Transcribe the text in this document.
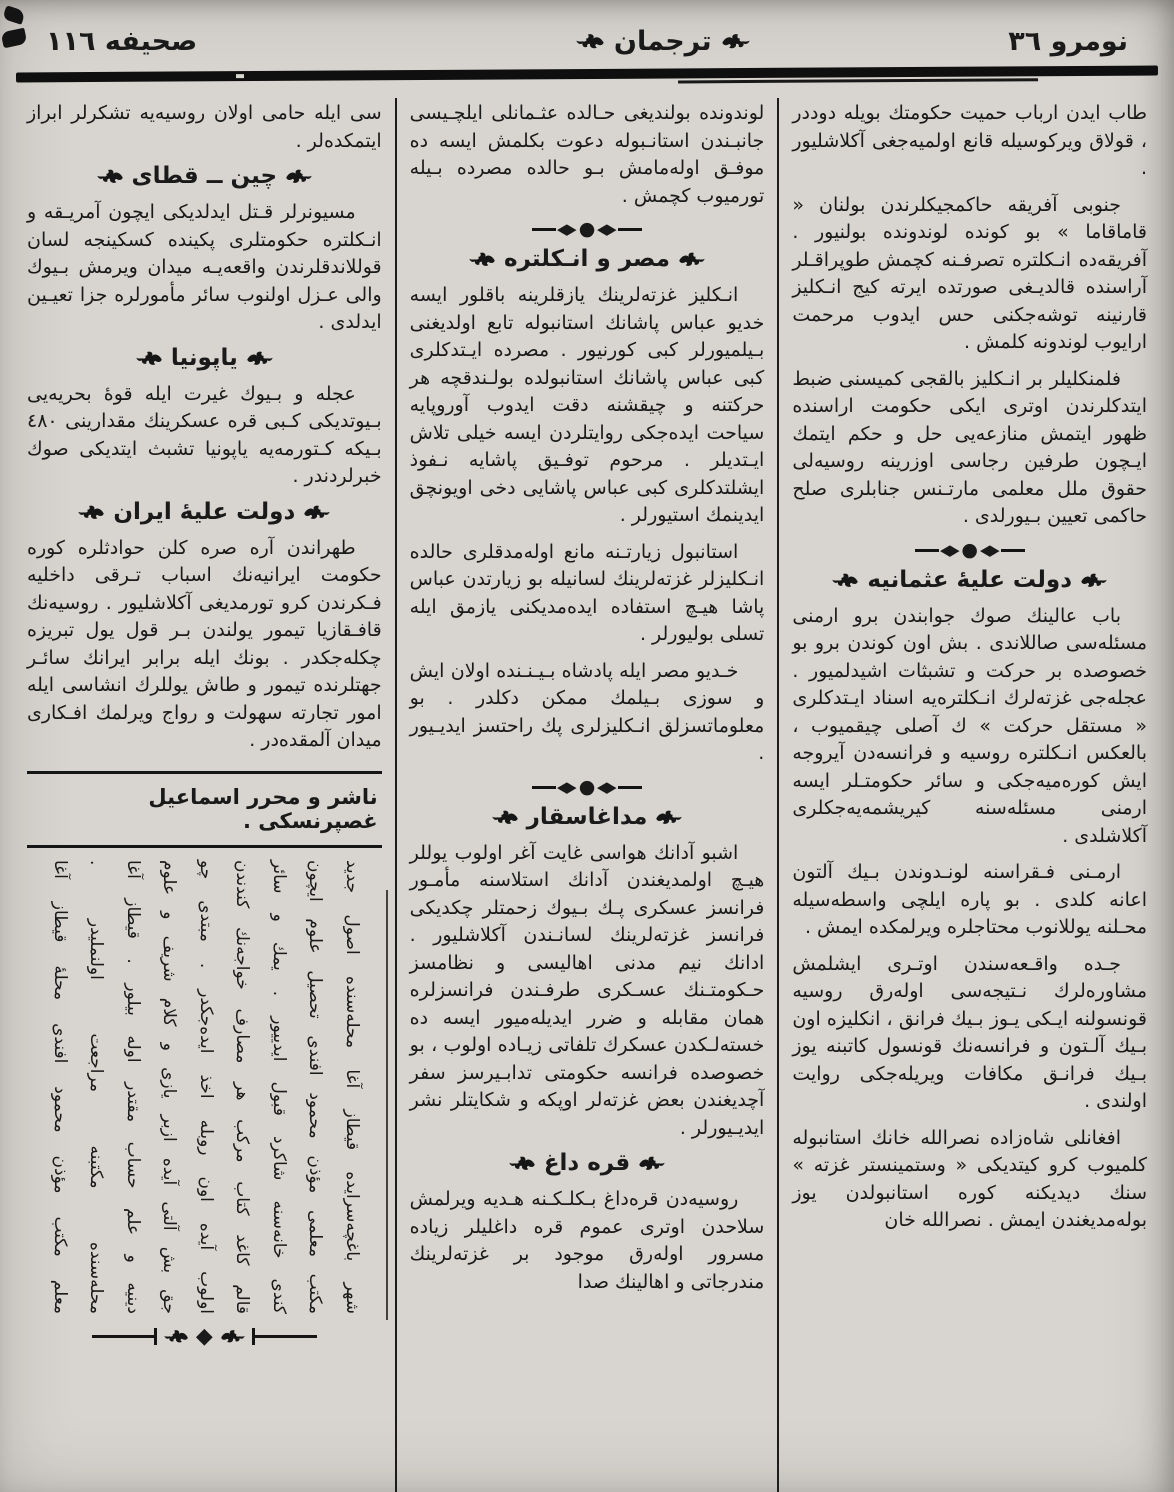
نومرو ٣٦
ترجمان
صحيفه ١١٦

طاب ايدن ارباب حميت حكومتك بويله دوددر ، قولاق ويركوسيله قانع اولميه‌جغى آكلاشليور .

جنوبى آفريقه حاكمجيكلرندن بولنان « قاماقاما » بو كونده لوندونده بولنيور . آفريقه‌ده انـكلتره تصرفـنه كچمش طوپراقـلر آراسنده قالديـغى صورتده ايرته كيج انـكليز قارنينه توشه‌جكنى حس ايدوب مرحمت ارايوب لوندونه كلمش .

فلمنكليلر بر انـكليز بالقجى كميسنى ضبط ايتدكلرندن اوترى ايكى حكومت اراسنده ظهور ايتمش منازعه‌يى حل و حكم ايتمك ايـچون طرفين رجاسى اوزرينه روسيه‌لى حقوق ملل معلمى مارتـنس جنابلرى صلح حاكمى تعيين بـيورلدى .

◆
●
◆
دولت عليهٔ عثمانيه

باب عالينك صوك جوابندن برو ارمنى مسئله‌سى صاللاندى . بش اون كوندن برو بو خصوصده بر حركت و تشبثات اشيدلميور . عجله‌جى غزته‌لرك انـكلتره‌يه اسناد ايـتدكلرى « مستقل حركت » ك آصلى چيقميوب ، بالعكس انـكلتره روسيه و فرانسه‌دن آيروجه ايش كوره‌ميه‌جكى و سائر حكومتـلر ايسه ارمنى مسئله‌سنه كيريشمه‌يه‌جكلرى آكلاشلدى .

ارمـنى فـقراسنه لونـدوندن بـيك آلتون اعانه كلدى . بو پاره ايلچى واسطه‌سيله محـلنه يوللانوب محتاجلره ويرلمكده ايمش .

جـده واقـعه‌سندن اوتـرى ايشلمش مشاوره‌لرك نـتيجه‌سى اوله‌رق روسيه قونسولنه ايـكى يـوز بـيك فرانق ، انكليزه اون بـيك آلـتون و فرانسه‌نك قونسول كاتبنه يوز بـيك فرانـق مكافات ويريله‌جكى روايت اولندى .

افغانلى شاه‌زاده نصرالله خانك استانبوله كلميوب كرو كيتديكى « وستمينستر غزته » سنك ديديكنه كوره استانبولدن يوز بوله‌مديغندن ايمش . نصرالله خان

لوندونده بولنديغى حـالده عثـمانلى ايلچـيسى جانبـندن استانـبوله دعوت بكلمش ايسه ده موفـق اوله‌مامش بـو حالده مصرده بـيله تورميوب كچمش .

◆
●
◆
مصر و انـكلتره

انـكليز غزته‌لرينك يازقلرينه باقلور ايسه خديو عباس پاشانك استانبوله تابع اولديغنى بـيلميورلر كبى كورنيور . مصرده ايـتدكلرى كبى عباس پاشانك استانبولده بولـندقچه هر حركتنه و چيقشنه دقت ايدوب آوروپايه سياحت ايده‌جكى روايتلردن ايسه خيلى تلاش ايـتديلر . مرحوم توفـيق پاشايه نـفوذ ايشلتدكلرى كبى عباس پاشايى دخى اويونچق ايدينمك استيورلر .

استانبول زيارتـنه مانع اوله‌مدقلرى حالده انـكليزلر غزته‌لرينك لسانيله بو زيارتدن عباس پاشا هيـچ استفاده ايده‌مديكنى يازمق ايله تسلى بوليورلر .

خـديو مصر ايله پادشاه بـيـنـنده اولان ايش و سوزى بـيلمك ممكن دكلدر . بو معلوماتسزلق انـكليزلرى پك راحتسز ايديـيور .

◆
●
◆
مداغاسقار

اشبو آدانك هواسى غايت آغر اولوب يوللر هيـچ اولمديغندن آدانك استلاسنه مأمـور فرانسز عسكرى پـك بـيوك زحمتلر چكديكى فرانسز غزته‌لرينك لسانـندن آكلاشليور . ادانك نيم مدنى اهاليسى و نظامسز حـكومتـنك عسـكرى طرفـندن فرانسزلره همان مقابله و ضرر ايديله‌ميور ايسه ده خسته‌لـكدن عسكرك تلفاتى زيـاده اولوب ، بو خصوصده فرانسه حكومتى تدابـيرسز سفر آچديغندن بعض غزته‌لر اوپكه و شكايتلر نشر ايديـيورلر .

قره داغ

روسيه‌دن قره‌داغ بـكلـكـنه هـديه ويرلمش سلاحدن اوترى عموم قره داغليلر زياده مسرور اوله‌رق موجود بر غزته‌لرينك مندرجاتى و اهالينك صدا

سى ايله حامى اولان روسيه‌يه تشكرلر ابراز ايتمكده‌لر .

چين ــ قطاى

مسيونرلر قـتل ايدلديكى ايچون آمريـقه و انـكلتره حكومتلرى پكينده كسكينجه لسان قوللاندقلرندن واقعه‌يـه ميدان ويرمش بـيوك والى عـزل اولنوب سائر مأمورلره جزا تعيـين ايدلدى .

ياپونيا

عجله و بـيوك غيرت ايله قوهٔ بحريه‌يى بـيوتديكى كـبى قره عسكرينك مقدارينى ٤٨٠ بـيكه كـتورمه‌يه ياپونيا تشبث ايتديكى صوك خبرلردندر .

دولت عليهٔ ايران

طهراندن آره صره كلن حوادثلره كوره حكومت ايرانيه‌نك اسباب تـرقى داخليه فـكرندن كرو تورمديغى آكلاشليور . روسيه‌نك قافـقازيا تيمور يولندن بـر قول يول تبريزه چكله‌جكدر . بونك ايله برابر ايرانك سائـر جهتلرنده تيمور و طاش يوللرك انشاسى ايله امور تجارته سهولت و رواج ويرلمك افـكارى ميدان آلمقده‌در .

ناشر و محرر اسماعيل غصپرنسكى .
شهر باغچه‌سرايده قيطاز آغا محله‌سنده اصول جديد
مكتب معلمى مؤذن محمود افندى تحصيل علوم ايچون
كندى خانه‌سنه شاكرد قبول ايدييور . يمك و سائر
قالم كاغد كتاب مركب هر مصارف خواجه‌نك كندندن
اولوب آيده اون روبله اخذ ايده‌جكدر . مبتدى چو
جق بش آلتى آيده ازبر يازى و كلام شريف و علوم
دينيه و علم حساب مقتدر اوله بيلور . قيطاز آغا
محله‌سنده مكتبنه مراجعت اولنمليدر .
معلم مكتب مؤذن محمود افندى محلهٔ قيطاز آغا
◆
